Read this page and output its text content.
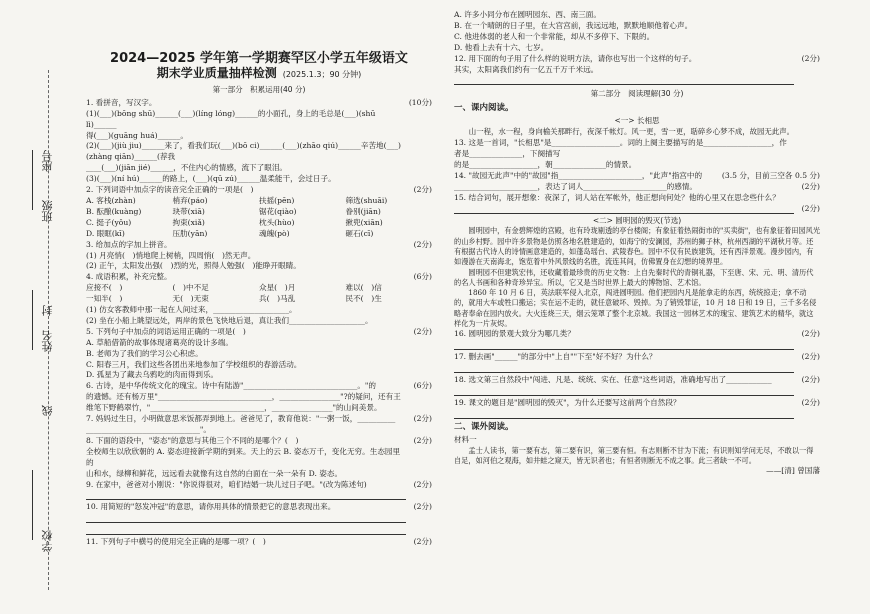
座号
班级
封
姓名
线
学校
2024—2025 学年第一学期赛罕区小学五年级语文
期末学业质量抽样检测 (2025.1.3；90 分钟)
第一部分　积累运用(40 分)
1. 看拼音，写汉字。	(10分)
(1)(___)(bōng shū)______(___)(líng lóng)______的小面孔，身上的毛总是(___)(shū lì)______
得(___)(guāng huá)______。
(2)(___)(jiù jiu)______来了，看我们玩(___)(bō ci)______(___)(zhāo qiú)______辛苦地(___)(zhàng qiān)______(荐我
____(___)(jiān jié)______，不住内心的情感，流下了眼泪。
(3)(___)(ní hú)______的路上，(___)(qū zú)______温柔能干，会过日子。
2. 下列词语中加点字的读音完全正确的一项是(　)	(2分)
A. 客栈(zhàn)	梢弃(páo)	扶摇(pēn)	筛选(shuāi)
B. 酝酿(kuàng)	玦带(xiā)	锯花(qiào)	眷别(jiān)
C. 挺子(yǒu)	拘束(xiǎ)	枕头(hùo)	揪兜(xiān)
D. 眼眶(kī)	压肋(yān)	魂魄(pò)	砸石(cī)
3. 给加点的字加上拼音。	(2分)
(1) 月亮悄(　)悄地爬上树梢，四周悄(　)然无声。
(2) 正午，太阳发出强(　)烈的光，照得人勉强(　)能睁开眼睛。
4. 成语积累，补充完整。	(6分)
应接不(　)	(　)中不足	众星(　)月	难以(　)信
一知半(　)	无(　)无束	兵(　)马乱	民不(　)生
(1) 仿女客教师中那一起在人间过来，____________________。
(2) 坐在小船上眺望远处，两岸的景色飞快地后退，真让我们____________________。
5. 下列句子中加点的词语运用正确的一项是(　)	(2分)
A. 草船借箭的故事体现诸葛亮的设计多端。
B. 老师为了我们的学习公心积虑。
C. 阳春三月，我们这些各团出来地参加了学校组织的春游活动。
D. 孤星为了藏去乌鸦吃的肉而得到乐。
6. 古诗，是中华传统文化的瑰宝。诗中有陆游"______________________________。"的	(6分)
的遗憾。还有杨万里"______________________________，________________"?的疑问，还有王
维笔下野鹤翠竹，"______________________________，________________"的山间美景。
7. 妈妈过生日，小明做意思米饭都弄到地上。爸爸见了，教育他说："一粥一饭，__________ (2分)
______________________________"。
8. 下面的语段中，"姿态"的意思与其他三个不同的是哪个？(　)	(2分)
全校师生以欣欣朝的 A. 姿态迎接新学期的到来。天上的云 B. 姿态万千，变化无穷。生态园里的
山和水，绿柳和鲜花，远远看去就像有这自然的白面在一朵一朵有 D. 姿态。
9. 在家中，爸爸对小刚说："你说得很对，咱们结婚一块儿过日子吧。"(改为陈述句)	(2分)
10. 用简短的"怒发冲冠"的意思，请你用具体的情景把它的意思表现出来。	(2分)
11. 下列句子中横号的使用完全正确的是哪一项？(　)	(2分)
A. 许多小同分布在圆明园东、西、南三面。
B. 在一个晴朗的日子里，在大宫宫前，我远远地，默默地顺他着心声。
C. 他进体弱的老人和一个非常能，却从不多停下、下限的。
D. 他看上去有十六、七岁。
12. 用下面的句子用了什么样的说明方法，请你也写出一个这样的句子。	(2分)
其实，太阳离我们约有一亿五千万千米远。
第二部分　阅读理解(30 分)
一、课内阅读。
<一> 长相思
山一程，水一程，身向榆关那畔行，夜深千帐灯。风一更，雪一更，聒碎乡心梦不成，故园无此声。
13. 这是一首词，"长相思"是__________________。词的上阕主要描写的是__________________，作者是______________，下阕描写
的是__________________，朝______________的情景。
(3.5 分，目前三空各 0.5 分)
14. "故园无此声"中的"故园"指______________________，"此声"指宫中的
______________________，表达了词人______________________的感情。	(2分)
15. 结合词句，展开想象：夜深了，词人站在军帐外，他正想向何处？他的心里又在思念些什么？
(2分)
<二> 圆明园的毁灭(节选)
圆明园中，有金碧辉煌的宫殿，也有玲珑剔透的亭台楼阁；有象征着热闹街市的"买卖街"，也有象征着田园风光的山乡村野。园中许多景物是仿照各地名胜建造的，如海宁的安澜园，苏州的狮子林，杭州西湖的平湖秋月等。还有根据古代诗人的诗情画意建造的，如蓬岛瑶台、武陵春色。园中不仅有民族建筑，还有西洋景观。漫步园内，有如漫游在天南海北，饱览着中外风景线的名胜，流连其间，仿佛置身在幻想的境界里。
圆明园不但建筑宏伟，还收藏着最珍贵的历史文物：上自先秦时代的青铜礼器，下至唐、宋、元、明、清历代的名人书画和各种奇珍异宝。所以，它又是当时世界上最大的博物馆、艺术馆。
1860 年 10 月 6 日，英法联军侵入北京，闯进圆明园。他们把园内凡是能拿走的东西，统统掠走；拿不动的，就用大车或牲口搬运；实在运不走的，就任意破坏、毁掉。为了销毁罪证，10 月 18 日和 19 日，三千多名侵略者奉命在园内放火。大火连烧三天，烟云笼罩了整个北京城。我国这一园林艺术的瑰宝、建筑艺术的精华，就这样化为一片灰烬。
16. 圆明园的景观大致分为哪几类？	(2分)
17. 删去画"______"的部分中"上自""下至"好不好？为什么？	(2分)
18. 选文第三自然段中"闯进、凡是、统统、实在、任意"这些词语，准确地写出了____________	(2分)
19. 课文的题目是"圆明园的毁灭"，为什么还要写这前两个自然段？	(2分)
二、课外阅读。
材料一
孟士人读书，第一要有志，第二要有识，第三要有恒。有志则断不甘为下流；有识则知学问无尽，不敢以一得自足，如河伯之观海，如井蛙之窥天，皆无识者也；有恒者则断无不成之事。此三者缺一不可。
——[清] 曾国藩
